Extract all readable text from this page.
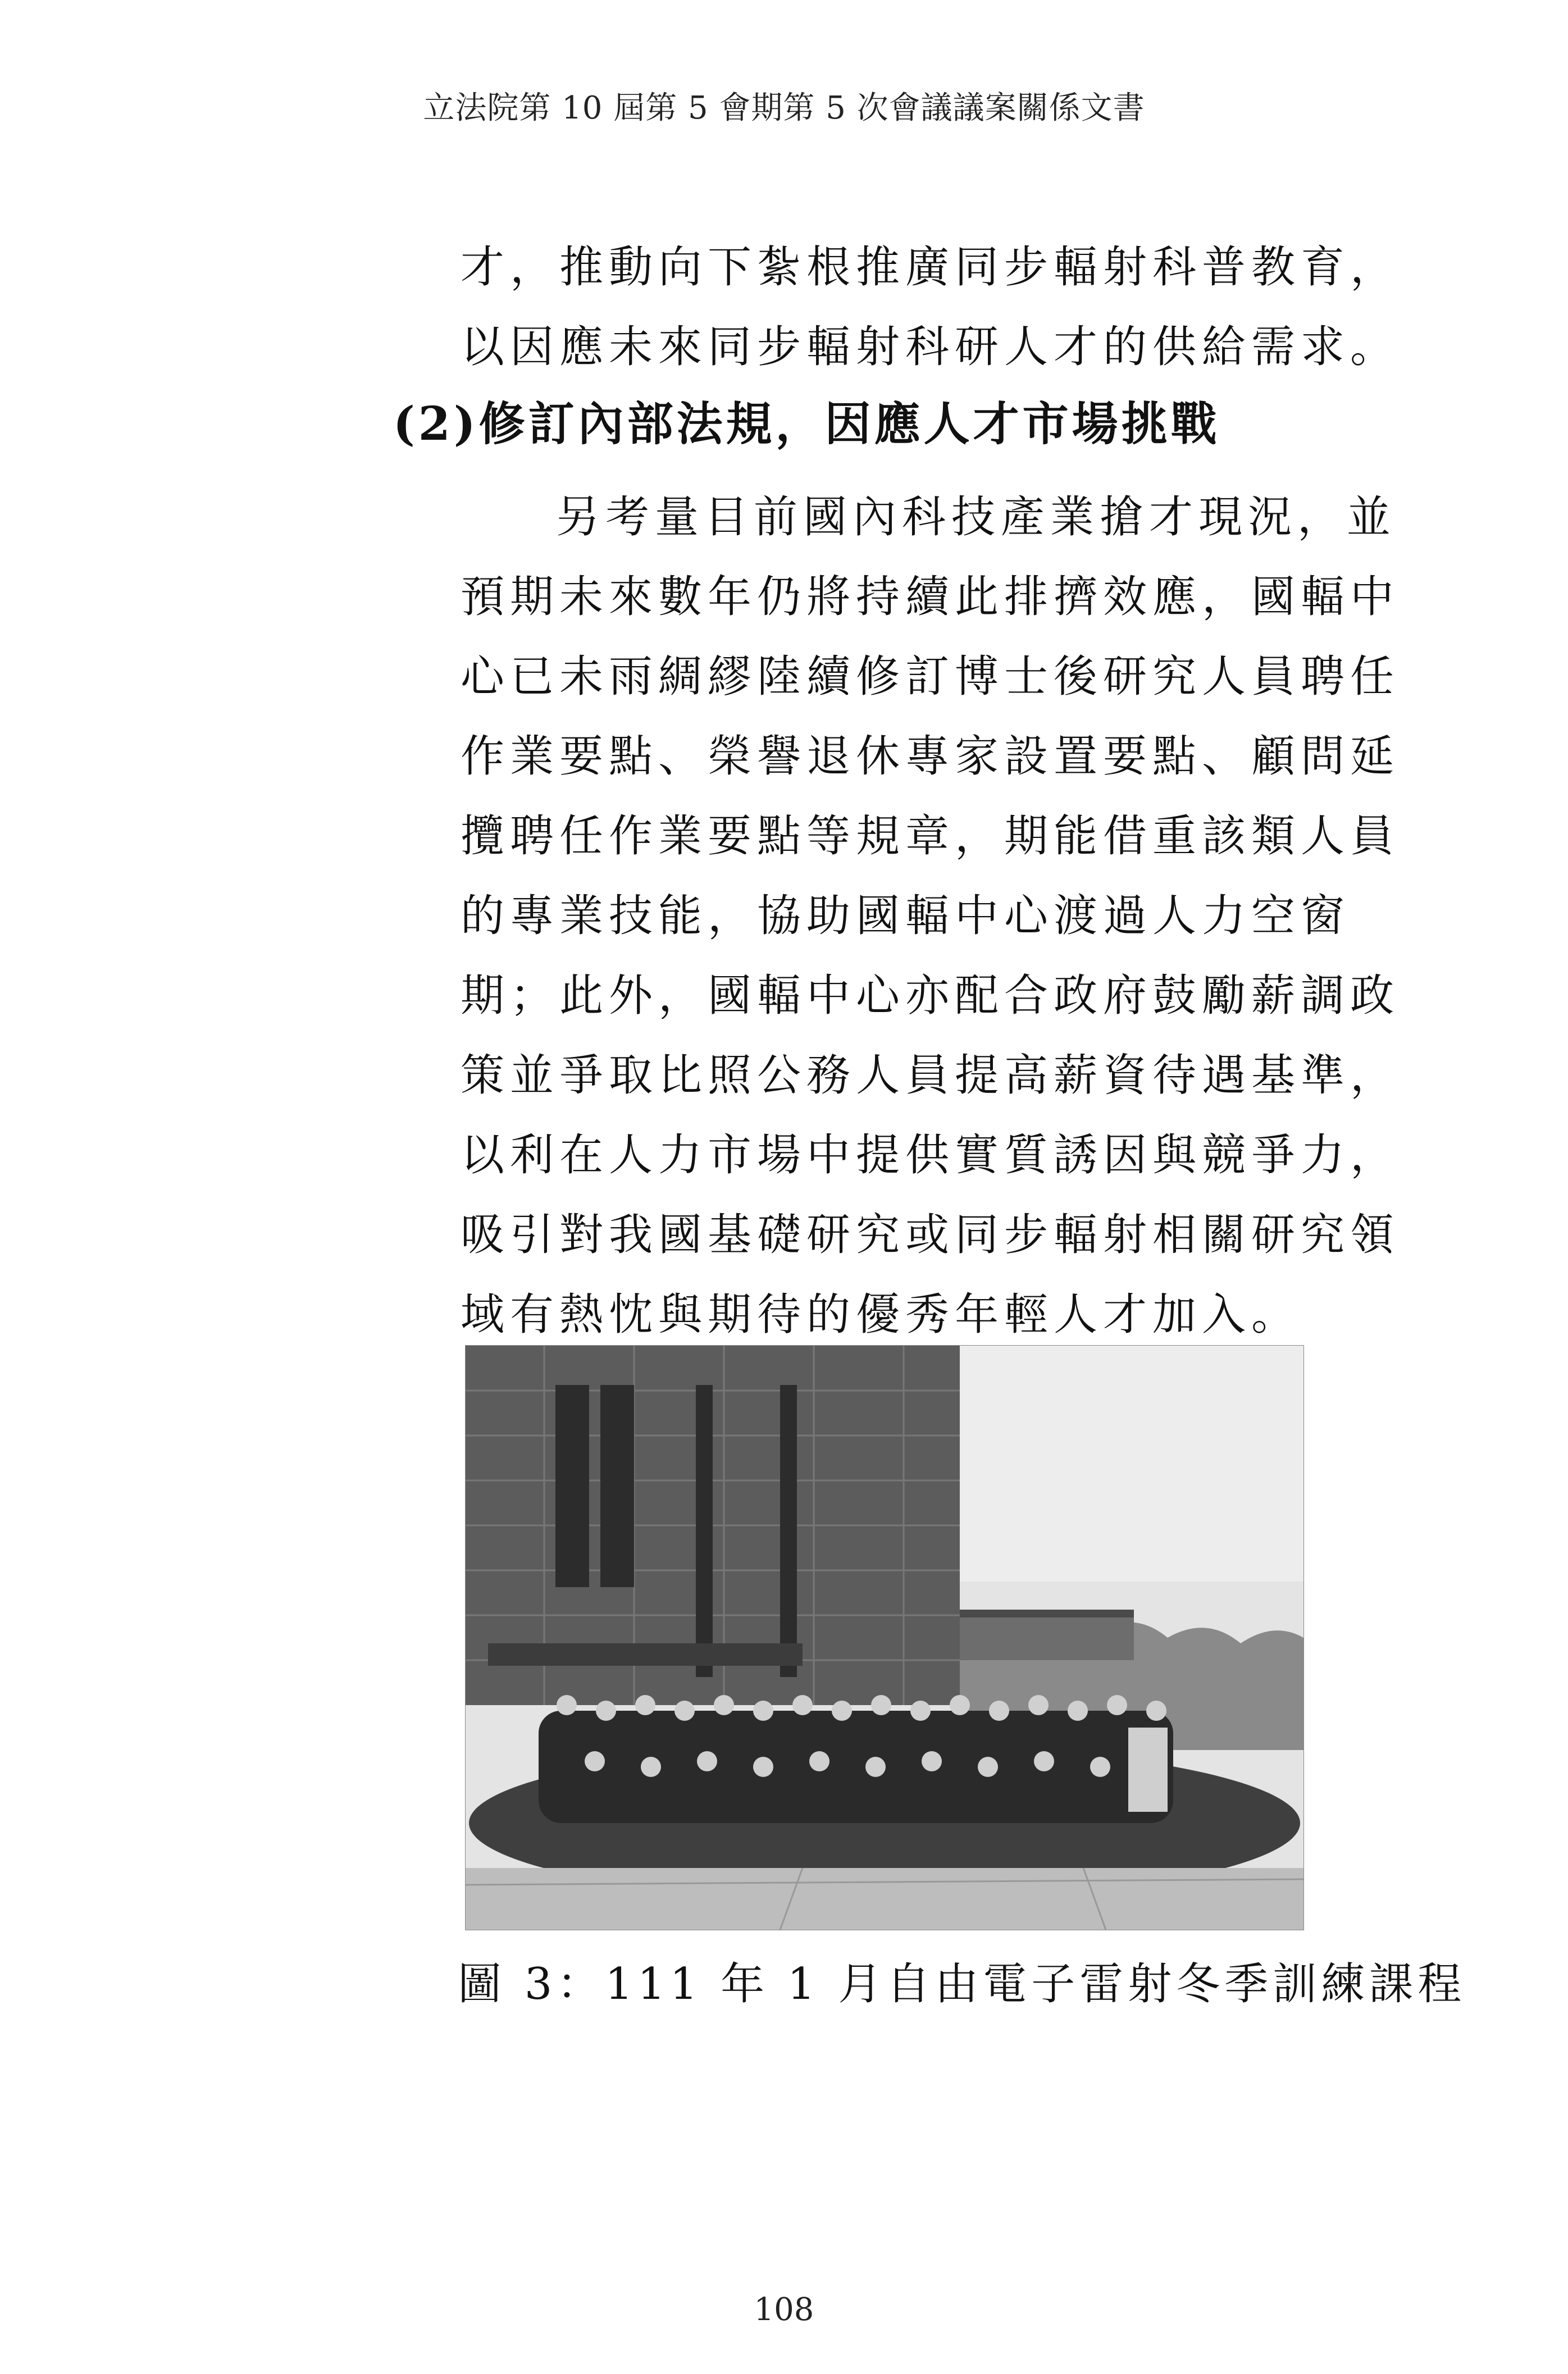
立法院第 10 屆第 5 會期第 5 次會議議案關係文書
才，推動向下紮根推廣同步輻射科普教育，以因應未來同步輻射科研人才的供給需求。
(2)修訂內部法規，因應人才市場挑戰
另考量目前國內科技產業搶才現況，並預期未來數年仍將持續此排擠效應，國輻中心已未雨綢繆陸續修訂博士後研究人員聘任作業要點、榮譽退休專家設置要點、顧問延攬聘任作業要點等規章，期能借重該類人員的專業技能，協助國輻中心渡過人力空窗期；此外，國輻中心亦配合政府鼓勵薪調政策並爭取比照公務人員提高薪資待遇基準，以利在人力市場中提供實質誘因與競爭力，吸引對我國基礎研究或同步輻射相關研究領域有熱忱與期待的優秀年輕人才加入。
圖 3：111 年 1 月自由電子雷射冬季訓練課程
108
